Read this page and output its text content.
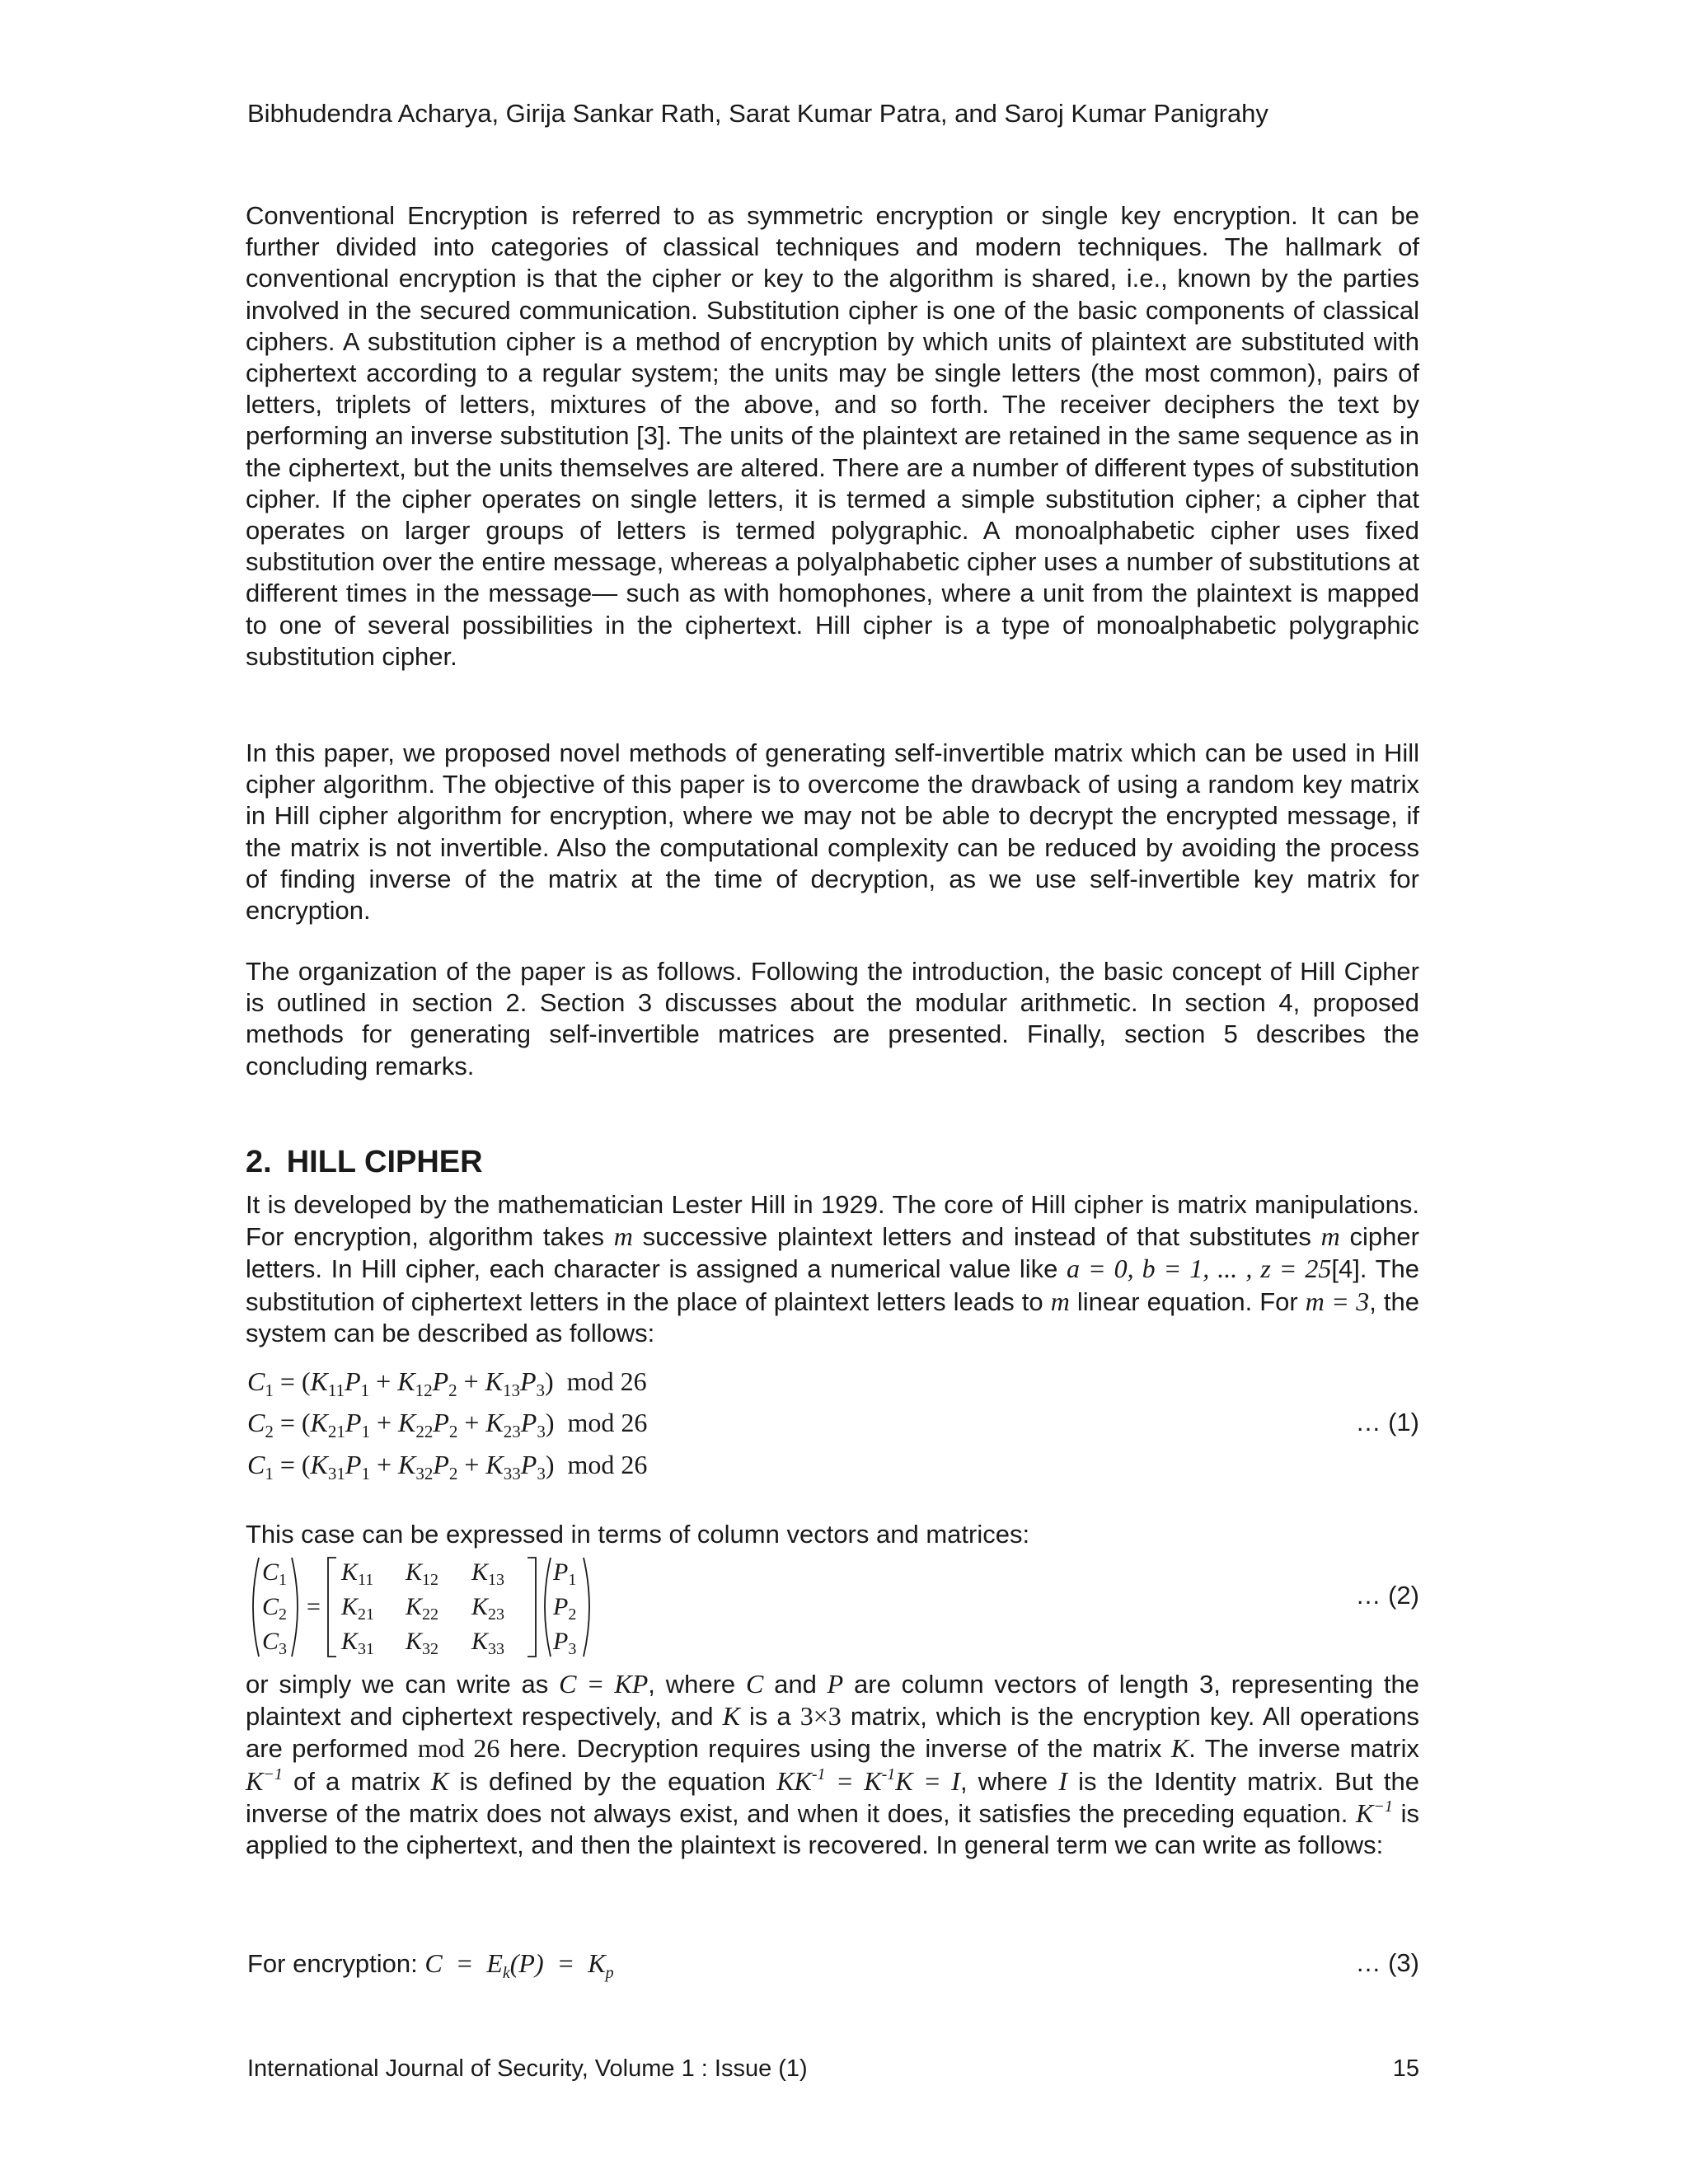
Bibhudendra Acharya, Girija Sankar Rath, Sarat Kumar Patra, and Saroj Kumar Panigrahy

Conventional Encryption is referred to as symmetric encryption or single key encryption. It can be further divided into categories of classical techniques and modern techniques. The hallmark of conventional encryption is that the cipher or key to the algorithm is shared, i.e., known by the parties involved in the secured communication. Substitution cipher is one of the basic components of classical ciphers. A substitution cipher is a method of encryption by which units of plaintext are substituted with ciphertext according to a regular system; the units may be single letters (the most common), pairs of letters, triplets of letters, mixtures of the above, and so forth. The receiver deciphers the text by performing an inverse substitution [3]. The units of the plaintext are retained in the same sequence as in the ciphertext, but the units themselves are altered. There are a number of different types of substitution cipher. If the cipher operates on single letters, it is termed a simple substitution cipher; a cipher that operates on larger groups of letters is termed polygraphic. A monoalphabetic cipher uses fixed substitution over the entire message, whereas a polyalphabetic cipher uses a number of substitutions at different times in the message— such as with homophones, where a unit from the plaintext is mapped to one of several possibilities in the ciphertext. Hill cipher is a type of monoalphabetic polygraphic substitution cipher.

In this paper, we proposed novel methods of generating self-invertible matrix which can be used in Hill cipher algorithm. The objective of this paper is to overcome the drawback of using a random key matrix in Hill cipher algorithm for encryption, where we may not be able to decrypt the encrypted message, if the matrix is not invertible. Also the computational complexity can be reduced by avoiding the process of finding inverse of the matrix at the time of decryption, as we use self-invertible key matrix for encryption.

The organization of the paper is as follows. Following the introduction, the basic concept of Hill Cipher is outlined in section 2. Section 3 discusses about the modular arithmetic. In section 4, proposed methods for generating self-invertible matrices are presented. Finally, section 5 describes the concluding remarks.

2. HILL CIPHER

It is developed by the mathematician Lester Hill in 1929. The core of Hill cipher is matrix manipulations. For encryption, algorithm takes m successive plaintext letters and instead of that substitutes m cipher letters. In Hill cipher, each character is assigned a numerical value like a = 0, b = 1, ... , z = 25[4]. The substitution of ciphertext letters in the place of plaintext letters leads to m linear equation. For m = 3, the system can be described as follows:

$C_1 = (K_{11}P_1 + K_{12}P_2 + K_{13}P_3)$  mod 26
$C_2 = (K_{21}P_1 + K_{22}P_2 + K_{23}P_3)$  mod 26
$C_1 = (K_{31}P_1 + K_{32}P_2 + K_{33}P_3)$  mod 26
… (1)

This case can be expressed in terms of column vectors and matrices:

$C_1$
$C_2$
$C_3$
=
$K_{11}$ $K_{12}$ $K_{13}$
$K_{21}$ $K_{22}$ $K_{23}$
$K_{31}$ $K_{32}$ $K_{33}$
$P_1$
$P_2$
$P_3$
… (2)

or simply we can write as C = KP, where C and P are column vectors of length 3, representing the plaintext and ciphertext respectively, and K is a 3×3 matrix, which is the encryption key. All operations are performed mod 26 here. Decryption requires using the inverse of the matrix K. The inverse matrix $K^{-1}$ of a matrix K is defined by the equation $KK^{-1} = K^{-1}K = I$, where I is the Identity matrix. But the inverse of the matrix does not always exist, and when it does, it satisfies the preceding equation. $K^{-1}$ is applied to the ciphertext, and then the plaintext is recovered. In general term we can write as follows:

For encryption: $C = E_k(P) = K_p$	… (3)
International Journal of Security, Volume 1 : Issue (1)	15
